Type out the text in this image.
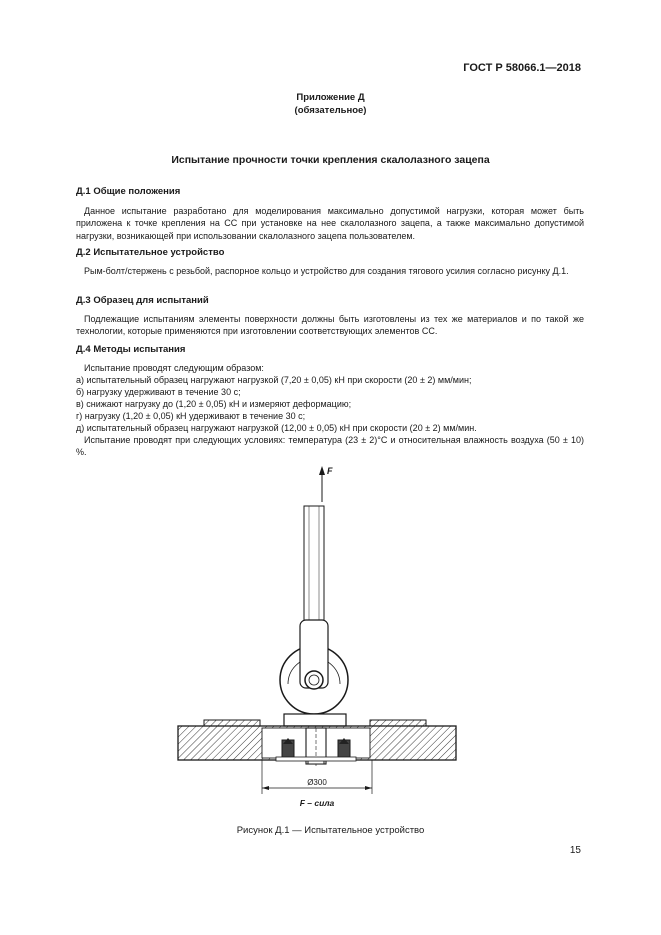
ГОСТ Р 58066.1—2018
Приложение Д
(обязательное)
Испытание прочности точки крепления скалолазного зацепа
Д.1 Общие положения
Данное испытание разработано для моделирования максимально допустимой нагрузки, которая может быть приложена к точке крепления на СС при установке на нее скалолазного зацепа, а также максимально допустимой нагрузки, возникающей при использовании скалолазного зацепа пользователем.
Д.2 Испытательное устройство
Рым-болт/стержень с резьбой, распорное кольцо и устройство для создания тягового усилия согласно рисунку Д.1.
Д.3 Образец для испытаний
Подлежащие испытаниям элементы поверхности должны быть изготовлены из тех же материалов и по такой же технологии, которые применяются при изготовлении соответствующих элементов СС.
Д.4 Методы испытания
Испытание проводят следующим образом:
а) испытательный образец нагружают нагрузкой (7,20 ± 0,05) кН при скорости (20 ± 2) мм/мин;
б) нагрузку удерживают в течение 30 с;
в) снижают нагрузку до (1,20 ± 0,05) кН и измеряют деформацию;
г) нагрузку (1,20 ± 0,05) кН удерживают в течение 30 с;
д) испытательный образец нагружают нагрузкой (12,00 ± 0,05) кН при скорости (20 ± 2) мм/мин.
Испытание проводят при следующих условиях: температура (23 ± 2)°С и относительная влажность воздуха (50 ± 10) %.
F
Ø300
F – сила
Рисунок Д.1 — Испытательное устройство
15
